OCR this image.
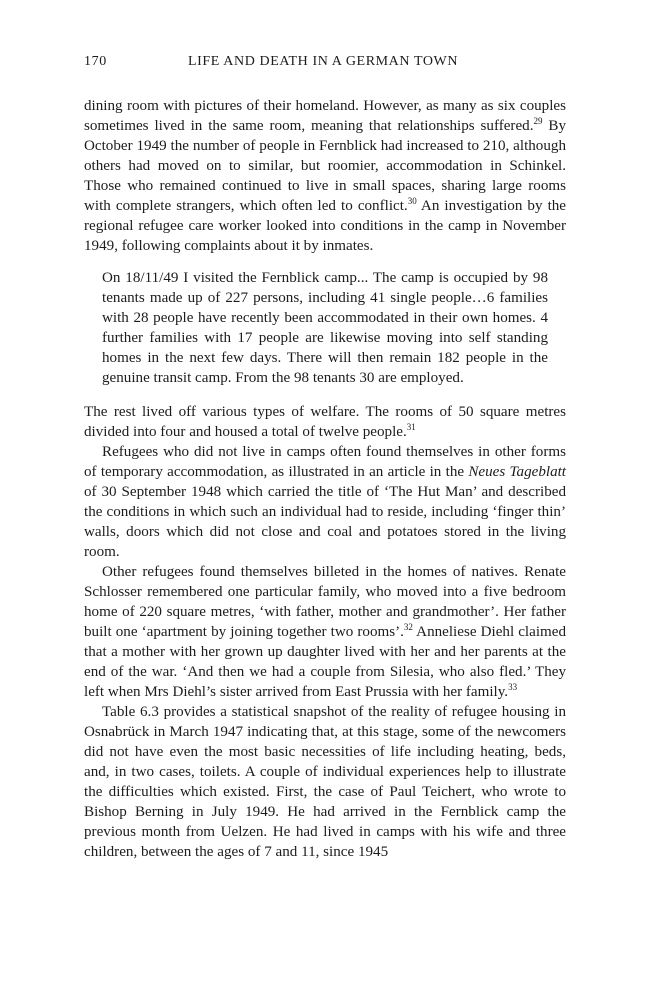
170	LIFE AND DEATH IN A GERMAN TOWN

dining room with pictures of their homeland. However, as many as six couples sometimes lived in the same room, meaning that relationships suffered.$^{29}$ By October 1949 the number of people in Fernblick had increased to 210, although others had moved on to similar, but roomier, accommodation in Schinkel. Those who remained continued to live in small spaces, sharing large rooms with complete strangers, which often led to conflict.$^{30}$ An investigation by the regional refugee care worker looked into conditions in the camp in November 1949, following complaints about it by inmates.

On 18/11/49 I visited the Fernblick camp... The camp is occupied by 98 tenants made up of 227 persons, including 41 single people…6 families with 28 people have recently been accommodated in their own homes. 4 further families with 17 people are likewise moving into self standing homes in the next few days. There will then remain 182 people in the genuine transit camp. From the 98 tenants 30 are employed.

The rest lived off various types of welfare. The rooms of 50 square metres divided into four and housed a total of twelve people.$^{31}$

Refugees who did not live in camps often found themselves in other forms of temporary accommodation, as illustrated in an article in the Neues Tageblatt of 30 September 1948 which carried the title of ‘The Hut Man’ and described the conditions in which such an individual had to reside, including ‘finger thin’ walls, doors which did not close and coal and potatoes stored in the living room.

Other refugees found themselves billeted in the homes of natives. Renate Schlosser remembered one particular family, who moved into a five bedroom home of 220 square metres, ‘with father, mother and grandmother’. Her father built one ‘apartment by joining together two rooms’.$^{32}$ Anneliese Diehl claimed that a mother with her grown up daughter lived with her and her parents at the end of the war. ‘And then we had a couple from Silesia, who also fled.’ They left when Mrs Diehl’s sister arrived from East Prussia with her family.$^{33}$

Table 6.3 provides a statistical snapshot of the reality of refugee housing in Osnabrück in March 1947 indicating that, at this stage, some of the newcomers did not have even the most basic necessities of life including heating, beds, and, in two cases, toilets. A couple of individual experiences help to illustrate the difficulties which existed. First, the case of Paul Teichert, who wrote to Bishop Berning in July 1949. He had arrived in the Fernblick camp the previous month from Uelzen. He had lived in camps with his wife and three children, between the ages of 7 and 11, since 1945
